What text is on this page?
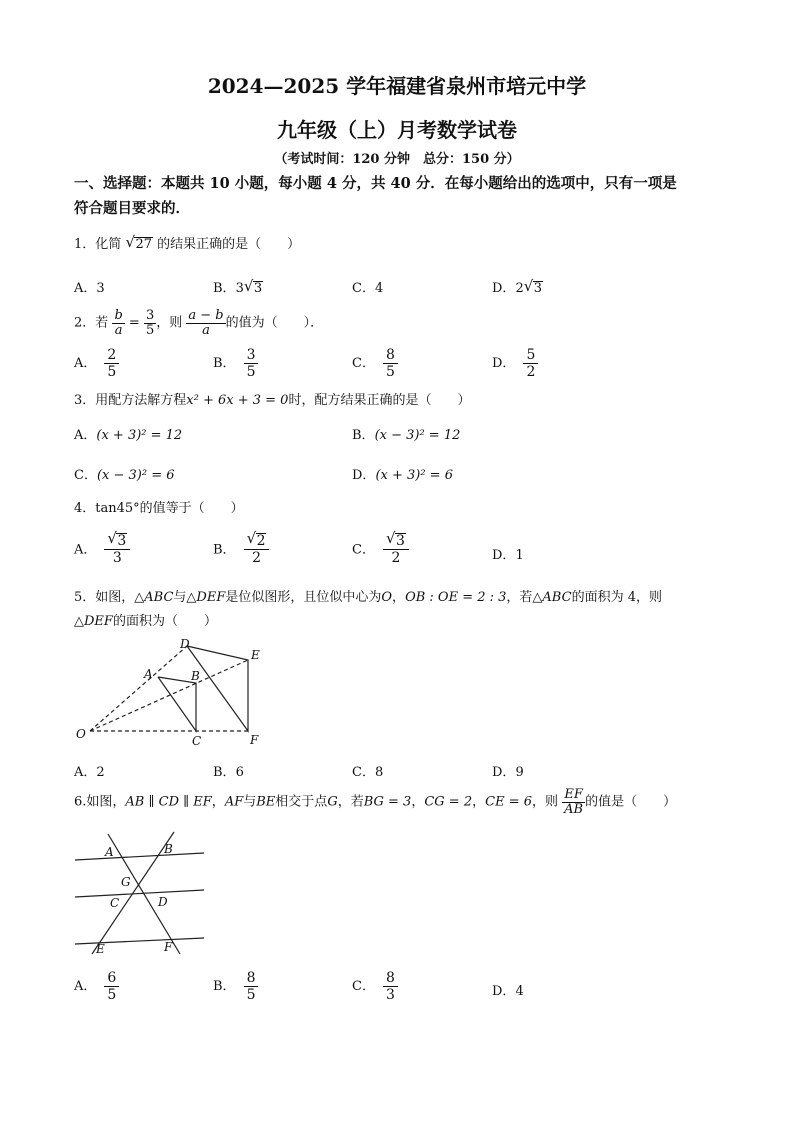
2024—2025 学年福建省泉州市培元中学
九年级（上）月考数学试卷
（考试时间：120 分钟　总分：150 分）
一、选择题：本题共 10 小题，每小题 4 分，共 40 分．在每小题给出的选项中，只有一项是
符合题目要求的．
1．化简 √ 27 的结果正确的是（　　）
A．3	B．3 √ 3	C．4	D．2 √ 3
2．若 $\frac{b}{a} = \frac{3}{5}$ ，则 $\frac{a - b}{a}$ 的值为（　　）．
A． $\frac{2}{5}$	B． $\frac{3}{5}$	C． $\frac{8}{5}$	D． $\frac{5}{2}$
3．用配方法解方程x² + 6x + 3 = 0时，配方结果正确的是（　　）
A．(x + 3)² = 12	B．(x − 3)² = 12
C．(x − 3)² = 6	D．(x + 3)² = 6
4．tan45°的值等于（　　）
A． $\frac{√ 3}{3}$	B． $\frac{√ 2}{2}$	C． $\frac{√ 3}{2}$	D．1
5．如图，△ABC与△DEF是位似图形，且位似中心为O，OB : OE = 2 : 3，若△ABC的面积为 4，则
△DEF的面积为（　　）
D
E
A	B
O	C	F
A．2	B．6	C．8	D．9
6.如图，AB ∥ CD ∥ EF，AF与BE相交于点G，若BG = 3，CG = 2，CE = 6，则 $\frac{EF}{AB}$ 的值是（　　）
A	B
G
C	D
E	F
A． $\frac{6}{5}$	B． $\frac{8}{5}$	C． $\frac{8}{3}$	D．4
